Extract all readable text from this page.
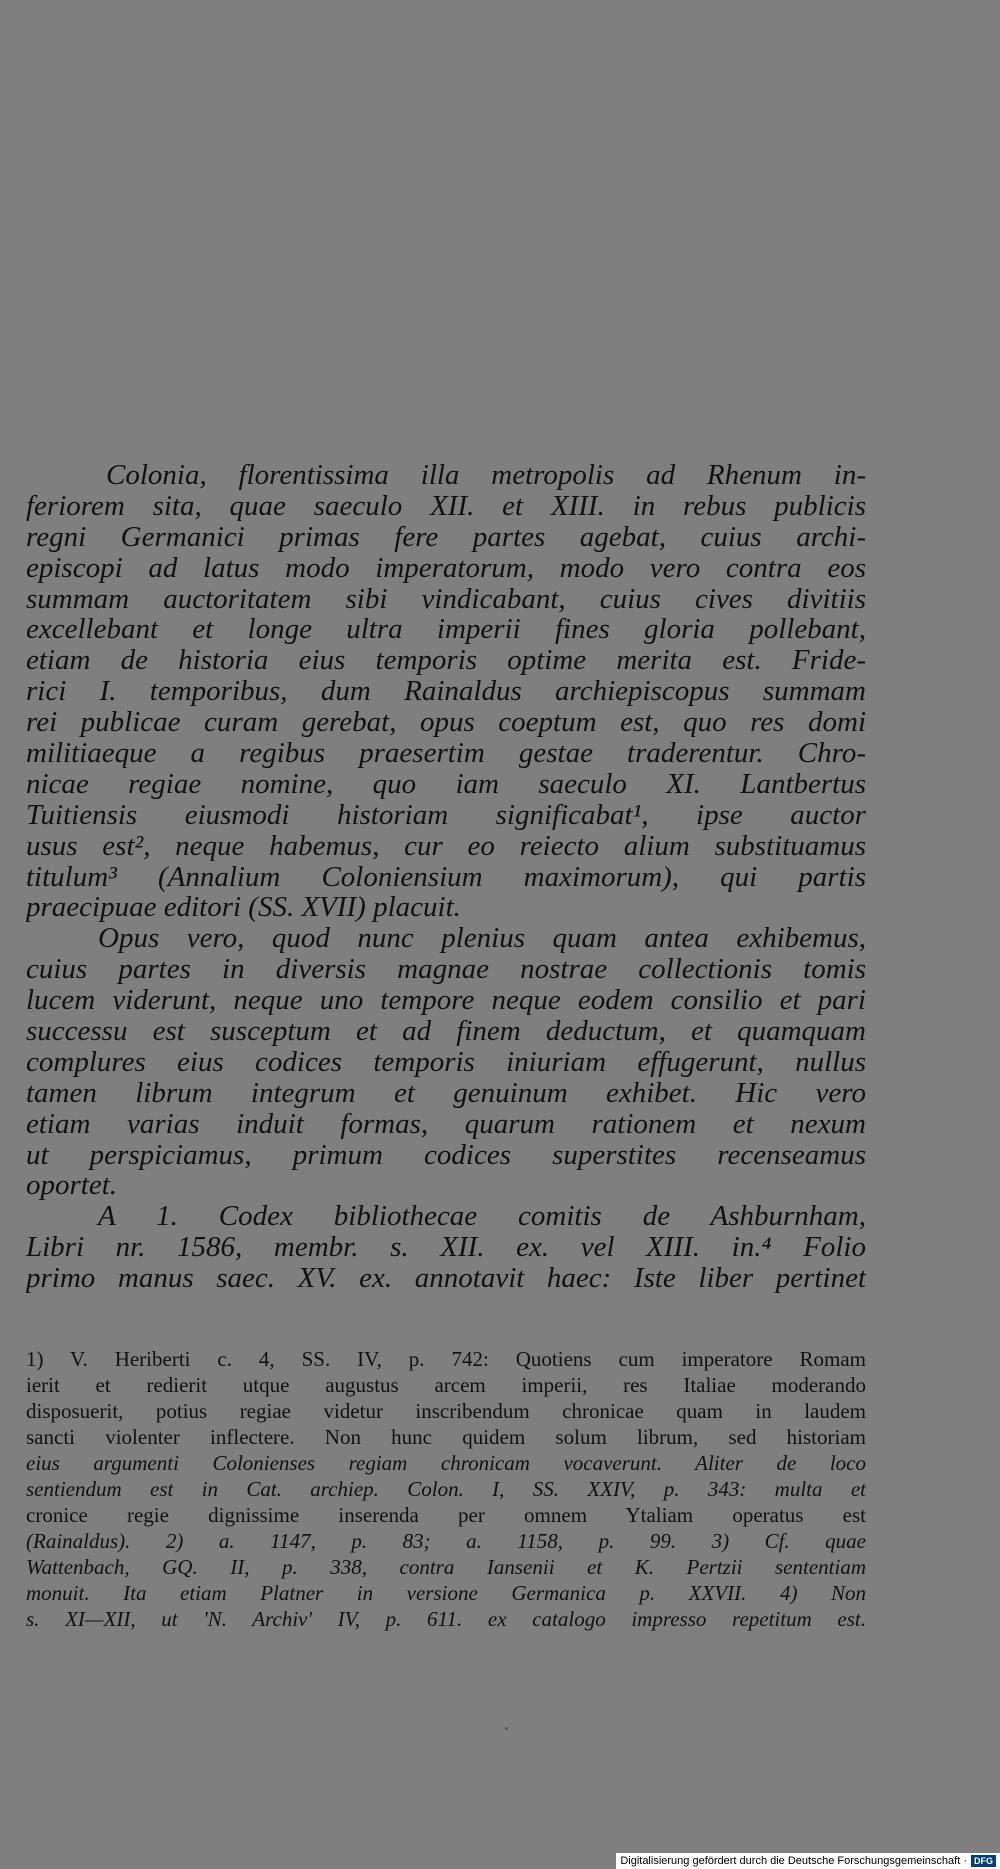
Colonia, florentissima illa metropolis ad Rhenum in-
feriorem sita, quae saeculo XII. et XIII. in rebus publicis
regni Germanici primas fere partes agebat, cuius archi-
episcopi ad latus modo imperatorum, modo vero contra eos
summam auctoritatem sibi vindicabant, cuius cives divitiis
excellebant et longe ultra imperii fines gloria pollebant,
etiam de historia eius temporis optime merita est. Fride-
rici I. temporibus, dum Rainaldus archiepiscopus summam
rei publicae curam gerebat, opus coeptum est, quo res domi
militiaeque a regibus praesertim gestae traderentur. Chro-
nicae regiae nomine, quo iam saeculo XI. Lantbertus
Tuitiensis eiusmodi historiam significabat¹, ipse auctor
usus est², neque habemus, cur eo reiecto alium substituamus
titulum³ (Annalium Coloniensium maximorum), qui partis
praecipuae editori (SS. XVII) placuit.
Opus vero, quod nunc plenius quam antea exhibemus,
cuius partes in diversis magnae nostrae collectionis tomis
lucem viderunt, neque uno tempore neque eodem consilio et pari
successu est susceptum et ad finem deductum, et quamquam
complures eius codices temporis iniuriam effugerunt, nullus
tamen librum integrum et genuinum exhibet. Hic vero
etiam varias induit formas, quarum rationem et nexum
ut perspiciamus, primum codices superstites recenseamus
oportet.
A 1. Codex bibliothecae comitis de Ashburnham,
Libri nr. 1586, membr. s. XII. ex. vel XIII. in.⁴ Folio
primo manus saec. XV. ex. annotavit haec: Iste liber pertinet
1) V. Heriberti c. 4, SS. IV, p. 742: Quotiens cum imperatore Romam
ierit et redierit utque augustus arcem imperii, res Italiae moderando
disposuerit, potius regiae videtur inscribendum chronicae quam in laudem
sancti violenter inflectere. Non hunc quidem solum librum, sed historiam
eius argumenti Colonienses regiam chronicam vocaverunt. Aliter de loco
sentiendum est in Cat. archiep. Colon. I, SS. XXIV, p. 343: multa et
cronice regie dignissime inserenda per omnem Ytaliam operatus est
(Rainaldus). 2) a. 1147, p. 83; a. 1158, p. 99. 3) Cf. quae
Wattenbach, GQ. II, p. 338, contra Iansenii et K. Pertzii sententiam
monuit. Ita etiam Platner in versione Germanica p. XXVII. 4) Non
s. XI—XII, ut 'N. Archiv' IV, p. 611. ex catalogo impresso repetitum est.
Digitalisierung gefördert durch die Deutsche Forschungsgemeinschaft · DFG
